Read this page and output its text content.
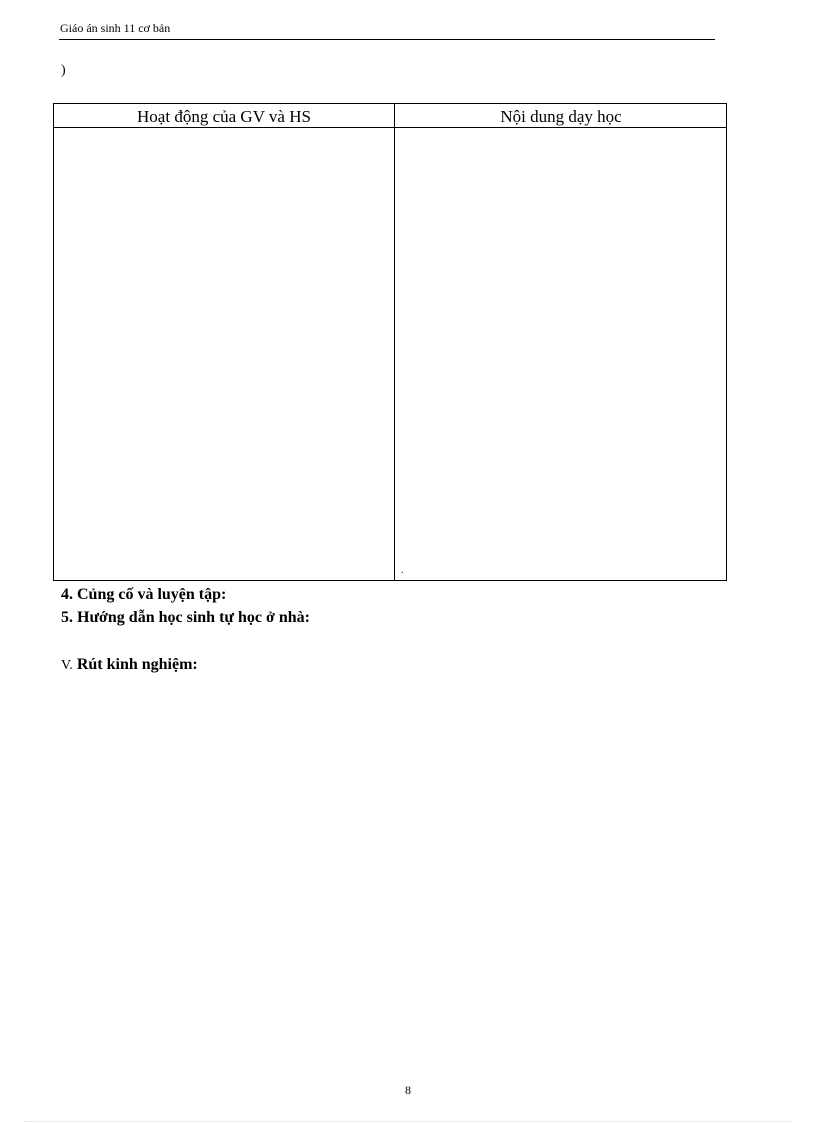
Giáo án sinh 11 cơ bản
)
Hoạt động của GV và HS	Nội dung dạy học
.
4. Củng cố và luyện tập:
5. Hướng dẫn học sinh tự học ở nhà:
V. Rút kinh nghiệm:
8
